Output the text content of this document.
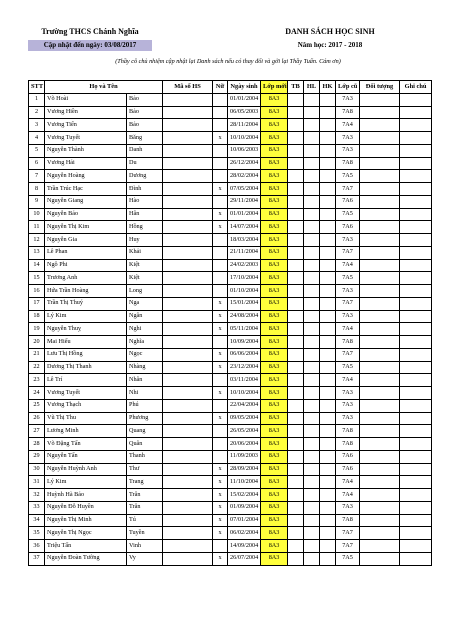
Trường THCS Chánh Nghĩa
Cập nhật đến ngày: 03/08/2017
DANH SÁCH HỌC SINH
Năm học: 2017 - 2018
(Thầy cô chủ nhiệm cập nhật lại Danh sách nếu có thay đổi và gởi lại Thầy Tuấn. Cám ơn)
STT	Họ và Tên		Mã số HS	Nữ	Ngày sinh	Lớp mới	TB	HL	HK	Lớp cũ	Đối tượng	Ghi chú
1	Võ Hoài	Bảo			01/01/2004	8A3				7A3		
2	Vương Hiền	Bảo			06/05/2003	8A3				7A8		
3	Vương Tiến	Bảo			28/11/2004	8A3				7A4		
4	Vương Tuyết	Băng		x	10/10/2004	8A3				7A3		
5	Nguyễn Thành	Danh			10/06/2003	8A3				7A3		
6	Vương Hải	Du			26/12/2004	8A3				7A8		
7	Nguyễn Hoàng	Dương			28/02/2004	8A3				7A5		
8	Trần Trúc Hạc	Đình		x	07/05/2004	8A3				7A7		
9	Nguyễn Giang	Hào			29/11/2004	8A3				7A6		
10	Nguyễn Bảo	Hân		x	01/01/2004	8A3				7A5		
11	Nguyễn Thị Kim	Hồng		x	14/07/2004	8A3				7A6		
12	Nguyễn Gia	Huy			18/03/2004	8A3				7A3		
13	Lê Phan	Khải			21/11/2004	8A3				7A7		
14	Ngô Phi	Kiệt			24/02/2003	8A3				7A4		
15	Trương Anh	Kiệt			17/10/2004	8A3				7A5		
16	Hứa Trần Hoàng	Long			01/10/2004	8A3				7A3		
17	Trần Thị Thuý	Nga		x	15/01/2004	8A3				7A7		
18	Lý Kim	Ngân		x	24/08/2004	8A3				7A3		
19	Nguyễn Thuỵ	Nghi		x	05/11/2004	8A3				7A4		
20	Mai Hiếu	Nghĩa			10/09/2004	8A3				7A8		
21	Lưu Thị Hồng	Ngọc		x	06/06/2004	8A3				7A7		
22	Dương Thị Thanh	Nhàng		x	23/12/2004	8A3				7A5		
23	Lê Trí	Nhân			03/11/2004	8A3				7A4		
24	Vương Tuyết	Nhi		x	10/10/2004	8A3				7A3		
25	Vương Thạch	Phú			22/04/2004	8A3				7A3		
26	Vũ Thị Thu	Phương		x	09/05/2004	8A3				7A3		
27	Lương Minh	Quang			26/05/2004	8A3				7A8		
28	Võ Đặng Tấn	Quân			20/06/2004	8A3				7A8		
29	Nguyễn Tấn	Thanh			11/09/2003	8A3				7A6		
30	Nguyễn Huỳnh Anh	Thư		x	28/09/2004	8A3				7A6		
31	Lý Kim	Trang		x	11/10/2004	8A3				7A4		
32	Huỳnh Hà Bảo	Trân		x	15/02/2004	8A3				7A4		
33	Nguyễn Đỗ Huyền	Trân		x	01/09/2004	8A3				7A3		
34	Nguyễn Thị Minh	Tú		x	07/01/2004	8A3				7A8		
35	Nguyễn Thị Ngọc	Tuyền		x	06/02/2004	8A3				7A7		
36	Triệu Tấn	Vinh			14/09/2004	8A3				7A7		
37	Nguyễn Đoàn Tường	Vy		x	26/07/2004	8A3				7A5		
